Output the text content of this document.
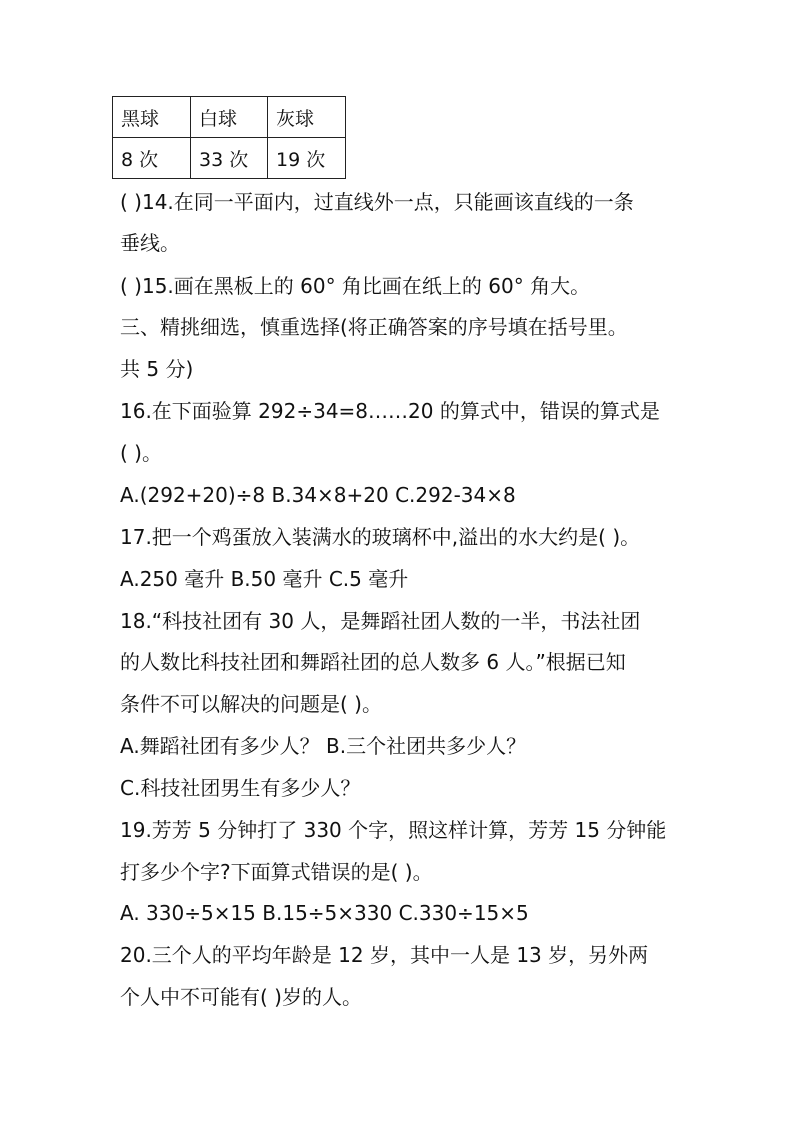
黑球	白球	灰球
8 次	33 次	19 次
( )14.在同一平面内，过直线外一点，只能画该直线的一条
垂线。
( )15.画在黑板上的 60° 角比画在纸上的 60° 角大。
三、精挑细选，慎重选择(将正确答案的序号填在括号里。
共 5 分)
16.在下面验算 292÷34=8……20 的算式中，错误的算式是
( )。
A.(292+20)÷8 B.34×8+20 C.292-34×8
17.把一个鸡蛋放入装满水的玻璃杯中,溢出的水大约是( )。
A.250 毫升 B.50 毫升 C.5 毫升
18.“科技社团有 30 人，是舞蹈社团人数的一半，书法社团
的人数比科技社团和舞蹈社团的总人数多 6 人。”根据已知
条件不可以解决的问题是( )。
A.舞蹈社团有多少人？ B.三个社团共多少人？
C.科技社团男生有多少人？
19.芳芳 5 分钟打了 330 个字，照这样计算，芳芳 15 分钟能
打多少个字?下面算式错误的是( )。
A. 330÷5×15 B.15÷5×330 C.330÷15×5
20.三个人的平均年龄是 12 岁，其中一人是 13 岁，另外两
个人中不可能有( )岁的人。
